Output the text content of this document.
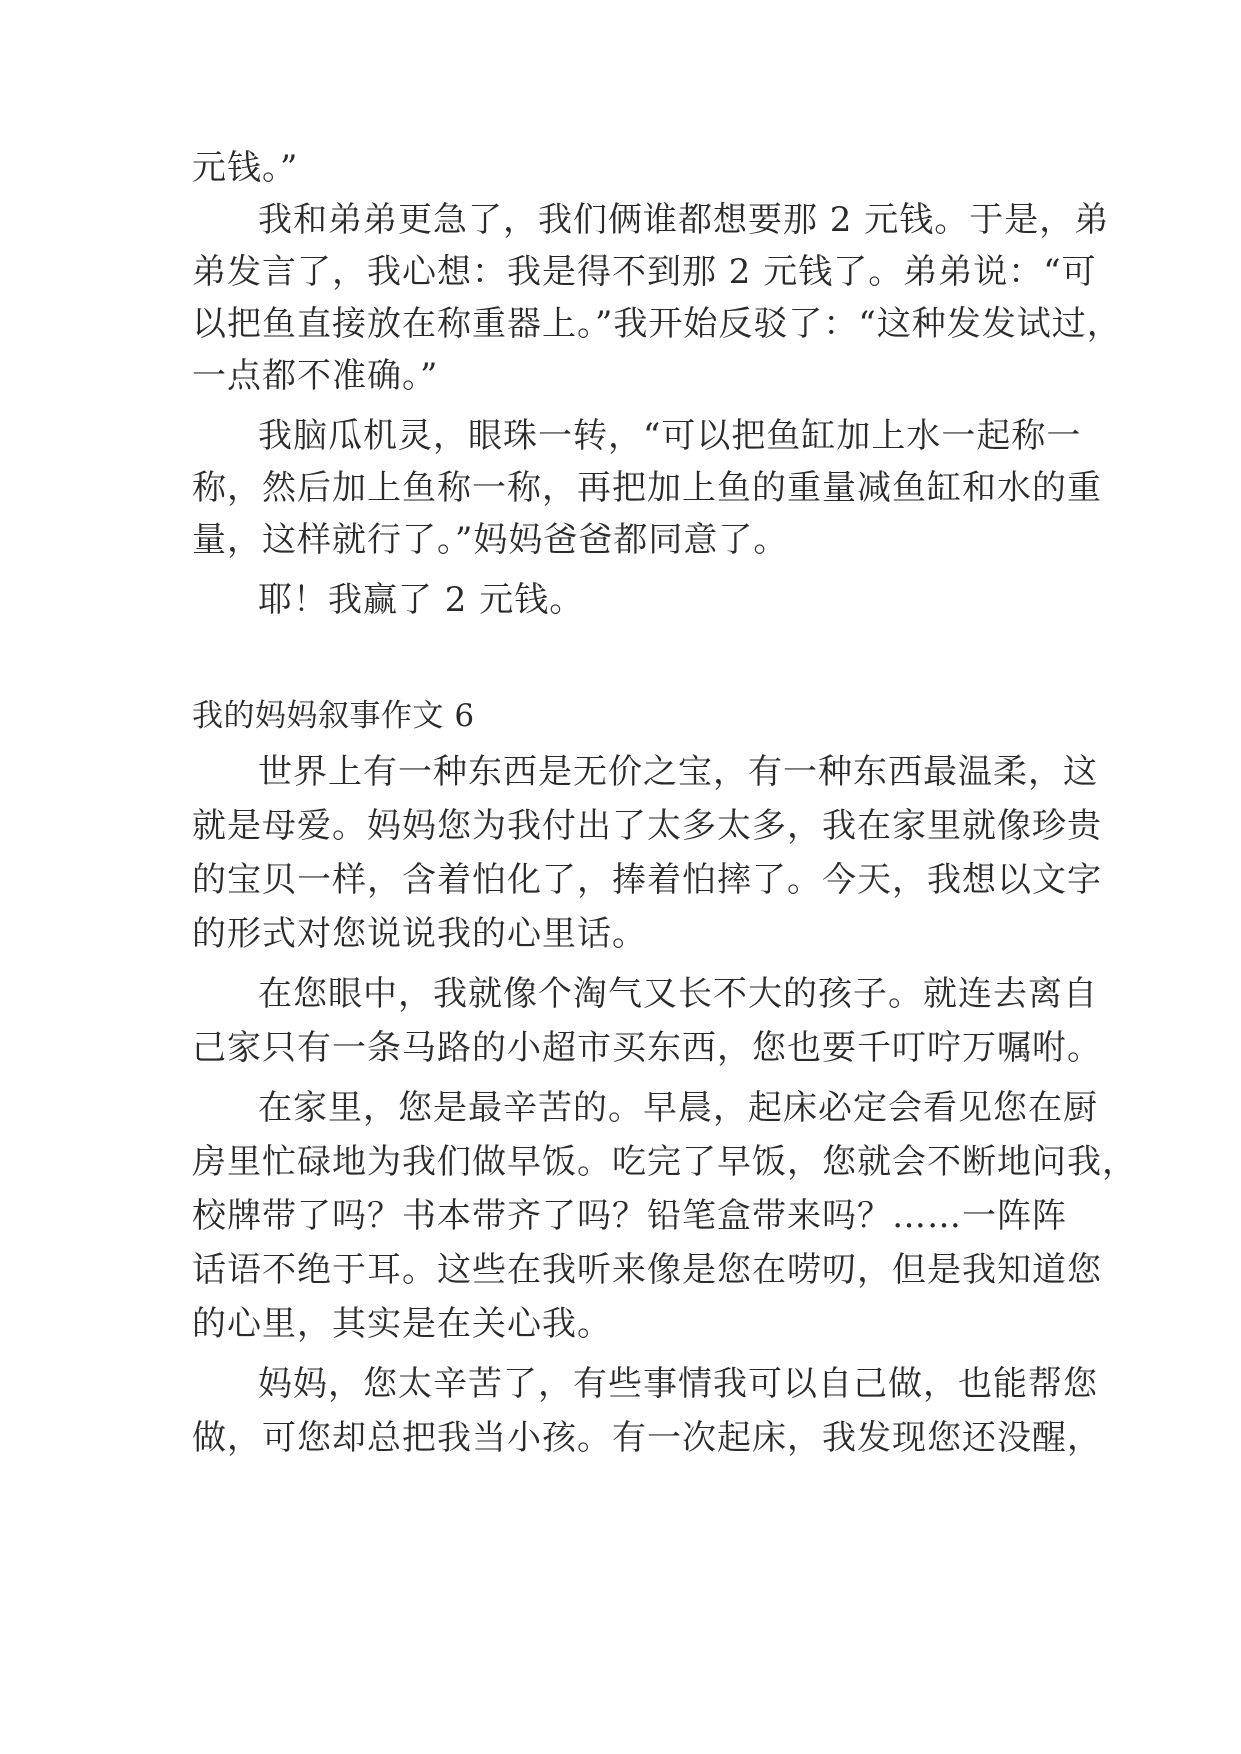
元钱。”
我和弟弟更急了，我们俩谁都想要那 2 元钱。于是，弟
弟发言了，我心想：我是得不到那 2 元钱了。弟弟说：“可
以把鱼直接放在称重器上。”我开始反驳了：“这种发发试过，
一点都不准确。”
我脑瓜机灵，眼珠一转，“可以把鱼缸加上水一起称一
称，然后加上鱼称一称，再把加上鱼的重量减鱼缸和水的重
量，这样就行了。”妈妈爸爸都同意了。
耶！我赢了 2 元钱。
我的妈妈叙事作文 6
世界上有一种东西是无价之宝，有一种东西最温柔，这
就是母爱。妈妈您为我付出了太多太多，我在家里就像珍贵
的宝贝一样，含着怕化了，捧着怕摔了。今天，我想以文字
的形式对您说说我的心里话。
在您眼中，我就像个淘气又长不大的孩子。就连去离自
己家只有一条马路的小超市买东西，您也要千叮咛万嘱咐。
在家里，您是最辛苦的。早晨，起床必定会看见您在厨
房里忙碌地为我们做早饭。吃完了早饭，您就会不断地问我，
校牌带了吗？书本带齐了吗？铅笔盒带来吗？……一阵阵
话语不绝于耳。这些在我听来像是您在唠叨，但是我知道您
的心里，其实是在关心我。
妈妈，您太辛苦了，有些事情我可以自己做，也能帮您
做，可您却总把我当小孩。有一次起床，我发现您还没醒，
